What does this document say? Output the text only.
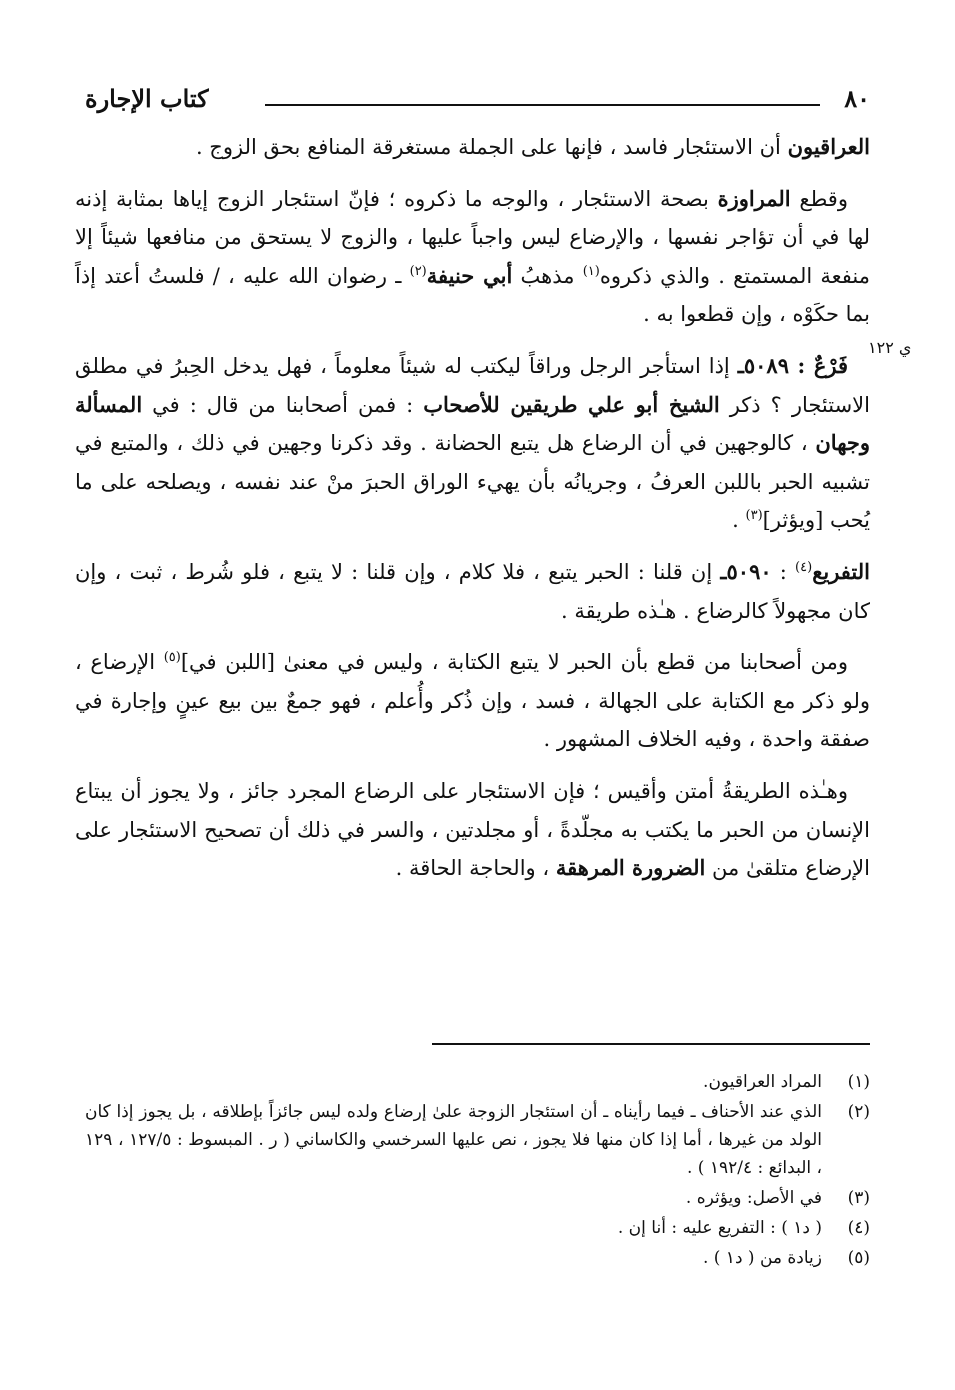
٨٠
كتاب الإجارة
ي ١٢٢

العراقيون أن الاستئجار فاسد ، فإنها على الجملة مستغرقة المنافع بحق الزوج .

وقطع المراوزة بصحة الاستئجار ، والوجه ما ذكروه ؛ فإنّ استئجار الزوج إياها بمثابة إذنه لها في أن تؤاجر نفسها ، والإرضاع ليس واجباً عليها ، والزوج لا يستحق من منافعها شيئاً إلا منفعة المستمتع . والذي ذكروه$^{(١)}$ مذهبُ أبي حنيفة$^{(٢)}$ ـ رضوان الله عليه ، / فلستُ أعتد إذاً بما حكَوْه ، وإن قطعوا به .

فَرْعٌ : ٥٠٨٩ـ إذا استأجر الرجل وراقاً ليكتب له شيئاً معلوماً ، فهل يدخل الحِبرُ في مطلق الاستئجار ؟ ذكر الشيخ أبو علي طريقين للأصحاب : فمن أصحابنا من قال : في المسألة وجهان ، كالوجهين في أن الرضاع هل يتبع الحضانة . وقد ذكرنا وجهين في ذلك ، والمتبع في تشبيه الحبر باللبن العرفُ ، وجريانُه بأن يهيء الوراق الحبرَ منْ عند نفسه ، ويصلحه على ما يُحب [ويؤثر]$^{(٣)}$ .

التفريع$^{(٤)}$ : ٥٠٩٠ـ إن قلنا : الحبر يتبع ، فلا كلام ، وإن قلنا : لا يتبع ، فلو شُرط ، ثبت ، وإن كان مجهولاً كالرضاع . هـٰذه طريقة .

ومن أصحابنا من قطع بأن الحبر لا يتبع الكتابة ، وليس في معنىٰ [اللبن في]$^{(٥)}$ الإرضاع ، ولو ذكر مع الكتابة على الجهالة ، فسد ، وإن ذُكر وأُعلم ، فهو جمعٌ بين بيع عينٍ وإجارة في صفقة واحدة ، وفيه الخلاف المشهور .

وهـٰذه الطريقةُ أمتن وأقيس ؛ فإن الاستئجار على الرضاع المجرد جائز ، ولا يجوز أن يبتاع الإنسان من الحبر ما يكتب به مجلّدةً ، أو مجلدتين ، والسر في ذلك أن تصحيح الاستئجار على الإرضاع متلقىٰ من الضرورة المرهقة ، والحاجة الحاقة .

(١)
المراد العراقيون.
(٢)
الذي عند الأحناف ـ فيما رأيناه ـ أن استئجار الزوجة علىٰ إرضاع ولده ليس جائزاً بإطلاقه ، بل يجوز إذا كان الولد من غيرها ، أما إذا كان منها فلا يجوز ، نص عليها السرخسي والكاساني ( ر . المبسوط : ١٢٧/٥ ، ١٢٩ ، البدائع : ١٩٢/٤ ) .
(٣)
في الأصل: ويؤثره .
(٤)
( د١ ) : التفريع عليه : أنا إن .
(٥)
زيادة من ( د١ ) .
